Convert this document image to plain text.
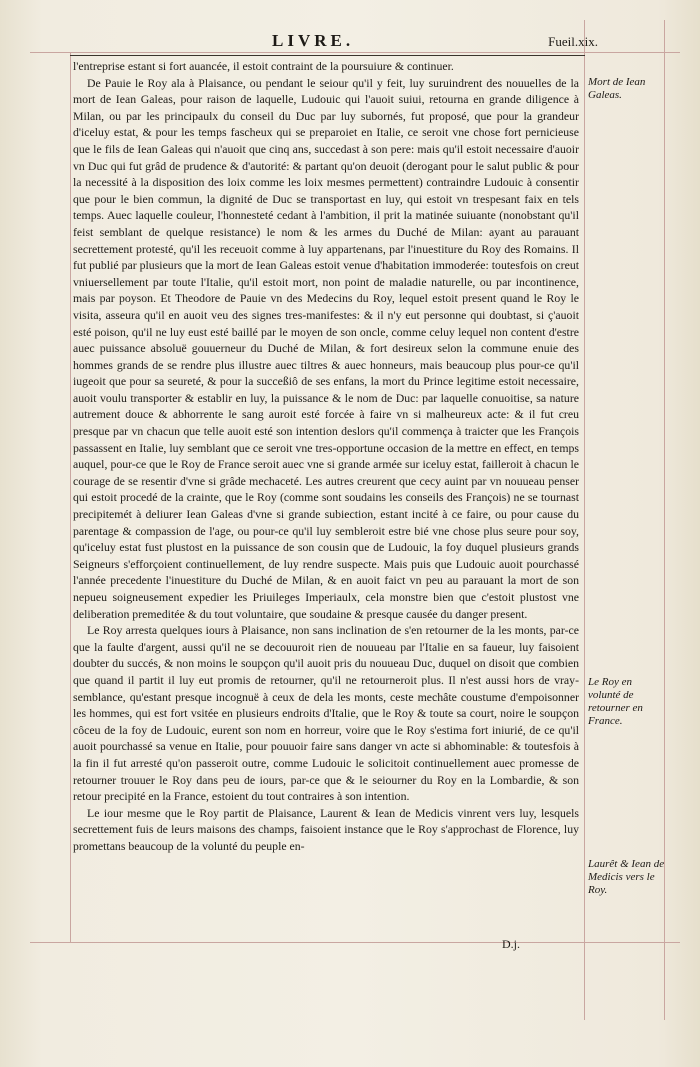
LIVRE.	Fueil.xix.

l'entreprise estant si fort auancée, il estoit contraint de la poursuiure & continuer.

De Pauie le Roy ala à Plaisance, ou pendant le seiour qu'il y feit, luy suruindrent des nouuelles de la mort de Iean Galeas, pour raison de laquelle, Ludouic qui l'auoit suiui, retourna en grande diligence à Milan, ou par les principaulx du conseil du Duc par luy subornés, fut proposé, que pour la grandeur d'iceluy estat, & pour les temps fascheux qui se preparoiet en Italie, ce seroit vne chose fort pernicieuse que le fils de Iean Galeas qui n'auoit que cinq ans, succedast à son pere: mais qu'il estoit necessaire d'auoir vn Duc qui fut grâd de prudence & d'autorité: & partant qu'on deuoit (derogant pour le salut public & pour la necessité à la disposition des loix comme les loix mesmes permettent) contraindre Ludouic à consentir que pour le bien commun, la dignité de Duc se transportast en luy, qui estoit vn trespesant faix en tels temps. Auec laquelle couleur, l'honnesteté cedant à l'ambition, il prit la matinée suiuante (nonobstant qu'il feist semblant de quelque resistance) le nom & les armes du Duché de Milan: ayant au parauant secrettement protesté, qu'il les receuoit comme à luy appartenans, par l'inuestiture du Roy des Romains. Il fut publié par plusieurs que la mort de Iean Galeas estoit venue d'habitation immoderée: toutesfois on creut vniuersellement par toute l'Italie, qu'il estoit mort, non point de maladie naturelle, ou par incontinence, mais par poyson. Et Theodore de Pauie vn des Medecins du Roy, lequel estoit present quand le Roy le visita, asseura qu'il en auoit veu des signes tres-manifestes: & il n'y eut personne qui doubtast, si ç'auoit esté poison, qu'il ne luy eust esté baillé par le moyen de son oncle, comme celuy lequel non content d'estre auec puissance absoluë gouuerneur du Duché de Milan, & fort desireux selon la commune enuie des hommes grands de se rendre plus illustre auec tiltres & auec honneurs, mais beaucoup plus pour-ce qu'il iugeoit que pour sa seureté, & pour la succeßiô de ses enfans, la mort du Prince legitime estoit necessaire, auoit voulu transporter & establir en luy, la puissance & le nom de Duc: par laquelle conuoitise, sa nature autrement douce & abhorrente le sang auroit esté forcée à faire vn si malheureux acte: & il fut creu presque par vn chacun que telle auoit esté son intention deslors qu'il commença à traicter que les François passassent en Italie, luy semblant que ce seroit vne tres-opportune occasion de la mettre en effect, en temps auquel, pour-ce que le Roy de France seroit auec vne si grande armée sur iceluy estat, failleroit à chacun le courage de se resentir d'vne si grâde mechaceté. Les autres creurent que cecy auint par vn nouueau penser qui estoit procedé de la crainte, que le Roy (comme sont soudains les conseils des François) ne se tournast precipitemét à deliurer Iean Galeas d'vne si grande subiection, estant incité à ce faire, ou pour cause du parentage & compassion de l'age, ou pour-ce qu'il luy sembleroit estre bié vne chose plus seure pour soy, qu'iceluy estat fust plustost en la puissance de son cousin que de Ludouic, la foy duquel plusieurs grands Seigneurs s'efforçoient continuellement, de luy rendre suspecte. Mais puis que Ludouic auoit pourchassé l'année precedente l'inuestiture du Duché de Milan, & en auoit faict vn peu au parauant la mort de son nepueu soigneusement expedier les Priuileges Imperiaulx, cela monstre bien que c'estoit plustost vne deliberation premeditée & du tout voluntaire, que soudaine & presque causée du danger present.

Le Roy arresta quelques iours à Plaisance, non sans inclination de s'en retourner de la les monts, par-ce que la faulte d'argent, aussi qu'il ne se decouuroit rien de nouueau par l'Italie en sa faueur, luy faisoient doubter du succés, & non moins le soupçon qu'il auoit pris du nouueau Duc, duquel on disoit que combien que quand il partit il luy eut promis de retourner, qu'il ne retourneroit plus. Il n'est aussi hors de vray-semblance, qu'estant presque incognuë à ceux de dela les monts, ceste mechâte coustume d'empoisonner les hommes, qui est fort vsitée en plusieurs endroits d'Italie, que le Roy & toute sa court, noire le soupçon côceu de la foy de Ludouic, eurent son nom en horreur, voire que le Roy s'estima fort iniurié, de ce qu'il auoit pourchassé sa venue en Italie, pour pouuoir faire sans danger vn acte si abhominable: & toutesfois à la fin il fut arresté qu'on passeroit outre, comme Ludouic le solicitoit continuellement auec promesse de retourner trouuer le Roy dans peu de iours, par-ce que & le seiourner du Roy en la Lombardie, & son retour precipité en la France, estoient du tout contraires à son intention.

Le iour mesme que le Roy partit de Plaisance, Laurent & Iean de Medicis vinrent vers luy, lesquels secrettement fuis de leurs maisons des champs, faisoient instance que le Roy s'approchast de Florence, luy promettans beaucoup de la volunté du peuple en-

Mort de Iean Galeas.
Le Roy en volunté de retourner en France.
Laurêt & Iean de Medicis vers le Roy.
D.j.
